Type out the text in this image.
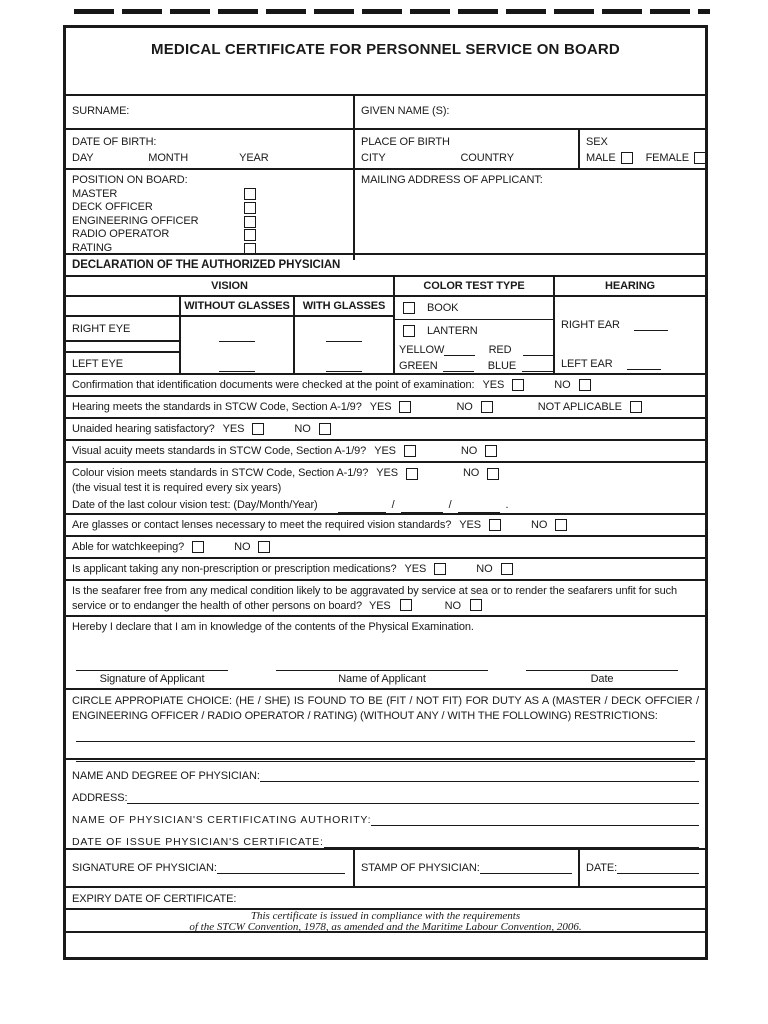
MEDICAL CERTIFICATE FOR PERSONNEL SERVICE ON BOARD
SURNAME:	GIVEN NAME (S):
DATE OF BIRTH:
DAY	MONTH	YEAR
PLACE OF BIRTH
CITY	COUNTRY
SEX
MALE	FEMALE
POSITION ON BOARD:
MASTER
DECK OFFICER
ENGINEERING OFFICER
RADIO OPERATOR
RATING
MAILING ADDRESS OF APPLICANT:
DECLARATION OF THE AUTHORIZED PHYSICIAN
VISION	COLOR TEST TYPE	HEARING
WITHOUT GLASSES	WITH GLASSES
RIGHT EYE
LEFT EYE
BOOK
LANTERN
YELLOW	RED
GREEN	BLUE
RIGHT EAR
LEFT EAR
Confirmation that identification documents were checked at the point of examination: YES	NO
Hearing meets the standards in STCW Code, Section A-1/9? YES	NO	NOT APLICABLE
Unaided hearing satisfactory? YES	NO
Visual acuity meets standards in STCW Code, Section A-1/9? YES	NO
Colour vision meets standards in STCW Code, Section A-1/9? YES	NO
(the visual test it is required every six years)
Date of the last colour vision test: (Day/Month/Year)	/	/	.
Are glasses or contact lenses necessary to meet the required vision standards? YES	NO
Able for watchkeeping?	NO
Is applicant taking any non-prescription or prescription medications? YES	NO
Is the seafarer free from any medical condition likely to be aggravated by service at sea or to render the seafarers unfit for such service or to endanger the health of other persons on board? YES	NO
Hereby I declare that I am in knowledge of the contents of the Physical Examination.
Signature of Applicant	Name of Applicant	Date

CIRCLE APPROPIATE CHOICE: (HE / SHE) IS FOUND TO BE (FIT / NOT FIT) FOR DUTY AS A (MASTER / DECK OFFCIER / ENGINEERING OFFICER / RADIO OPERATOR / RATING) (WITHOUT ANY / WITH THE FOLLOWING) RESTRICTIONS:

NAME AND DEGREE OF PHYSICIAN:
ADDRESS:
NAME OF PHYSICIAN'S CERTIFICATING AUTHORITY:
DATE OF ISSUE PHYSICIAN'S CERTIFICATE:
SIGNATURE OF PHYSICIAN:	STAMP OF PHYSICIAN:	DATE:
EXPIRY DATE OF CERTIFICATE:
This certificate is issued in compliance with the requirements
of the STCW Convention, 1978, as amended and the Maritime Labour Convention, 2006.
